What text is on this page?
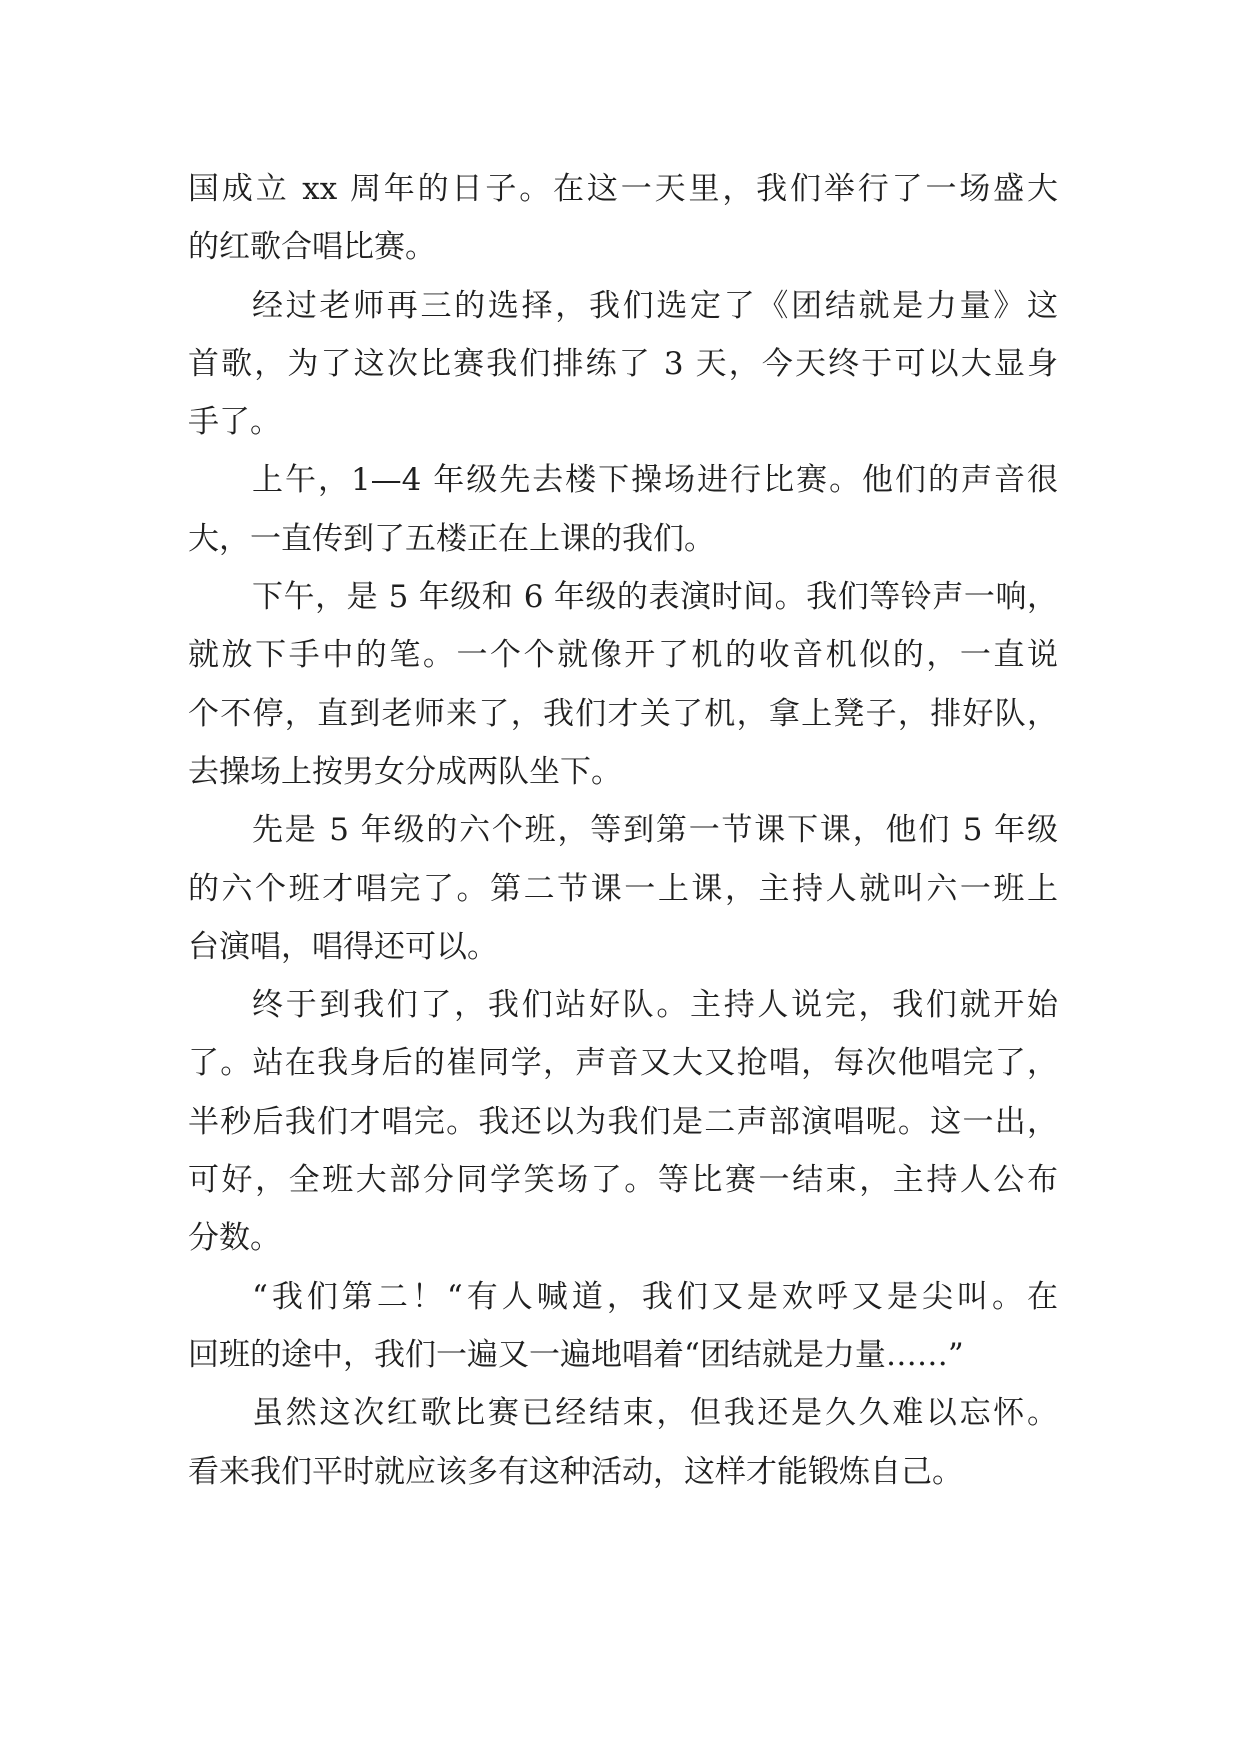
国成立 xx 周年的日子。在这一天里，我们举行了一场盛大
的红歌合唱比赛。
经过老师再三的选择，我们选定了《团结就是力量》这
首歌，为了这次比赛我们排练了 3 天，今天终于可以大显身
手了。
上午，1—4 年级先去楼下操场进行比赛。他们的声音很
大，一直传到了五楼正在上课的我们。
下午，是 5 年级和 6 年级的表演时间。我们等铃声一响，
就放下手中的笔。一个个就像开了机的收音机似的，一直说
个不停，直到老师来了，我们才关了机，拿上凳子，排好队，
去操场上按男女分成两队坐下。
先是 5 年级的六个班，等到第一节课下课，他们 5 年级
的六个班才唱完了。第二节课一上课，主持人就叫六一班上
台演唱，唱得还可以。
终于到我们了，我们站好队。主持人说完，我们就开始
了。站在我身后的崔同学，声音又大又抢唱，每次他唱完了，
半秒后我们才唱完。我还以为我们是二声部演唱呢。这一出，
可好，全班大部分同学笑场了。等比赛一结束，主持人公布
分数。
“我们第二！“有人喊道，我们又是欢呼又是尖叫。在
回班的途中，我们一遍又一遍地唱着“团结就是力量……”
虽然这次红歌比赛已经结束，但我还是久久难以忘怀。
看来我们平时就应该多有这种活动，这样才能锻炼自己。
